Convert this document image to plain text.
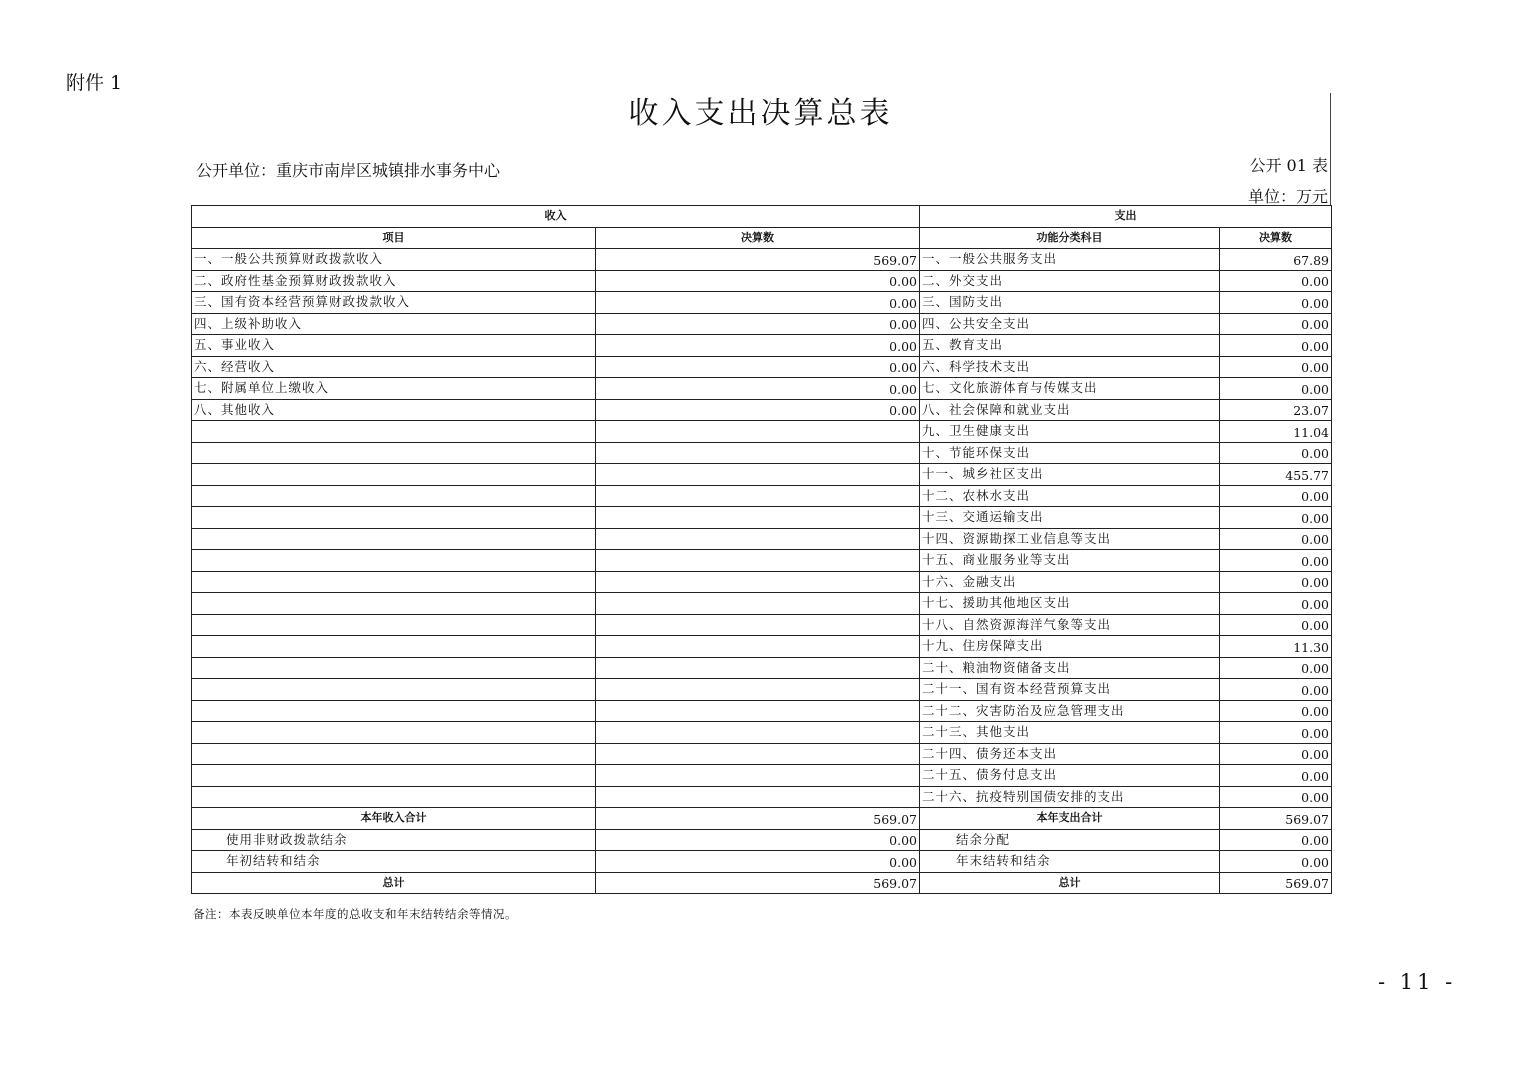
附件 1
收入支出决算总表
公开单位：重庆市南岸区城镇排水事务中心	公开 01 表
单位：万元
收入		支出	
项目	决算数	功能分类科目	决算数
一、一般公共预算财政拨款收入	569.07	一、一般公共服务支出	67.89
二、政府性基金预算财政拨款收入	0.00	二、外交支出	0.00
三、国有资本经营预算财政拨款收入	0.00	三、国防支出	0.00
四、上级补助收入	0.00	四、公共安全支出	0.00
五、事业收入	0.00	五、教育支出	0.00
六、经营收入	0.00	六、科学技术支出	0.00
七、附属单位上缴收入	0.00	七、文化旅游体育与传媒支出	0.00
八、其他收入	0.00	八、社会保障和就业支出	23.07
		九、卫生健康支出	11.04
		十、节能环保支出	0.00
		十一、城乡社区支出	455.77
		十二、农林水支出	0.00
		十三、交通运输支出	0.00
		十四、资源勘探工业信息等支出	0.00
		十五、商业服务业等支出	0.00
		十六、金融支出	0.00
		十七、援助其他地区支出	0.00
		十八、自然资源海洋气象等支出	0.00
		十九、住房保障支出	11.30
		二十、粮油物资储备支出	0.00
		二十一、国有资本经营预算支出	0.00
		二十二、灾害防治及应急管理支出	0.00
		二十三、其他支出	0.00
		二十四、债务还本支出	0.00
		二十五、债务付息支出	0.00
		二十六、抗疫特别国债安排的支出	0.00
本年收入合计	569.07	本年支出合计	569.07
使用非财政拨款结余	0.00	结余分配	0.00
年初结转和结余	0.00	年末结转和结余	0.00
总计	569.07	总计	569.07
备注：本表反映单位本年度的总收支和年末结转结余等情况。
- 11 -
